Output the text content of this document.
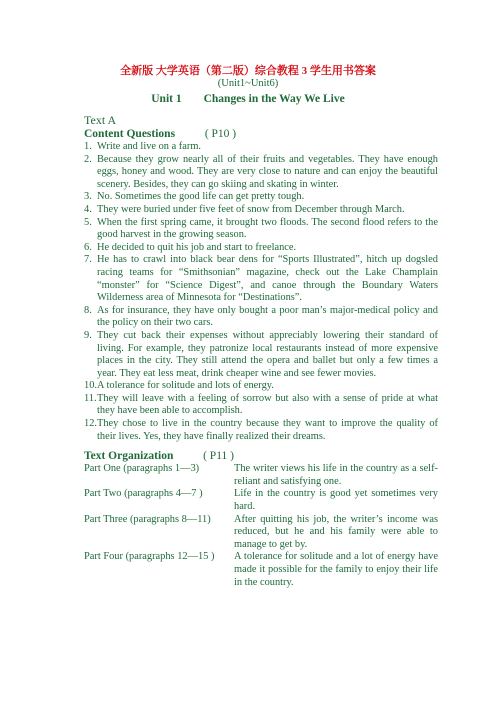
全新版 大学英语（第二版）综合教程 3 学生用书答案
(Unit1~Unit6)
Unit 1 Changes in the Way We Live
Text A
Content Questions	( P10 )
1. Write and live on a farm.
2. Because they grow nearly all of their fruits and vegetables. They have enough eggs, honey and wood. They are very close to nature and can enjoy the beautiful scenery. Besides, they can go skiing and skating in winter.
3. No. Sometimes the good life can get pretty tough.
4. They were buried under five feet of snow from December through March.
5. When the first spring came, it brought two floods. The second flood refers to the good harvest in the growing season.
6. He decided to quit his job and start to freelance.
7. He has to crawl into black bear dens for “Sports Illustrated”, hitch up dogsled racing teams for “Smithsonian” magazine, check out the Lake Champlain “monster” for “Science Digest”, and canoe through the Boundary Waters Wilderness area of Minnesota for “Destinations”.
8. As for insurance, they have only bought a poor man’s major-medical policy and the policy on their two cars.
9. They cut back their expenses without appreciably lowering their standard of living. For example, they patronize local restaurants instead of more expensive places in the city. They still attend the opera and ballet but only a few times a year. They eat less meat, drink cheaper wine and see fewer movies.
10. A tolerance for solitude and lots of energy.
11. They will leave with a feeling of sorrow but also with a sense of pride at what they have been able to accomplish.
12. They chose to live in the country because they want to improve the quality of their lives. Yes, they have finally realized their dreams.
Text Organization	( P11 )
Part One (paragraphs 1—3)	The writer views his life in the country as a self-reliant and satisfying one.
Part Two (paragraphs 4—7 )	Life in the country is good yet sometimes very hard.
Part Three (paragraphs 8—11)	After quitting his job, the writer’s income was reduced, but he and his family were able to manage to get by.
Part Four (paragraphs 12—15 )	A tolerance for solitude and a lot of energy have made it possible for the family to enjoy their life in the country.
